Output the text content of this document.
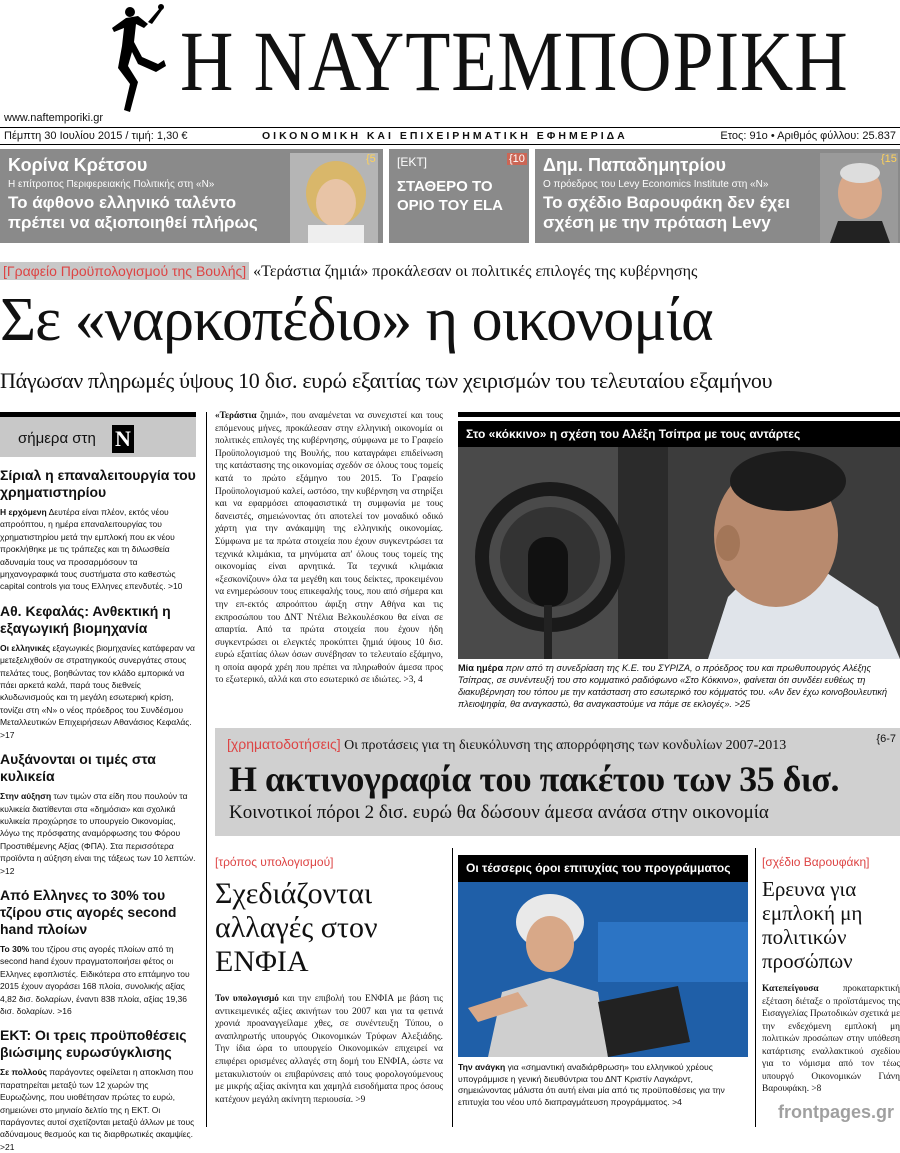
Η ΝΑΥΤΕΜΠΟΡΙΚΗ
www.naftemporiki.gr
Πέμπτη 30 Ιουλίου 2015 / τιμή: 1,30 €	ΟΙΚΟΝΟΜΙΚΗ ΚΑΙ ΕΠΙΧΕΙΡΗΜΑΤΙΚΗ ΕΦΗΜΕΡΙΔΑ	Ετος: 91ο • Αριθμός φύλλου: 25.837
Κορίνα Κρέτσου
Η επίτροπος Περιφερειακής Πολιτικής στη «Ν»
Το άφθονο ελληνικό ταλέντο πρέπει να αξιοποιηθεί πλήρως
{5 [ΕΚΤ]
ΣΤΑΘΕΡΟ ΤΟ ΟΡΙΟ ΤΟΥ ELA
{10 Δημ. Παπαδημητρίου
Ο πρόεδρος του Levy Economics Institute στη «Ν»
Το σχέδιο Βαρουφάκη δεν έχει σχέση με την πρόταση Levy
{15
[Γραφείο Προϋπολογισμού της Βουλής] «Τεράστια ζημιά» προκάλεσαν οι πολιτικές επιλογές της κυβέρνησης
Σε «ναρκοπέδιο» η οικονομία
Πάγωσαν πληρωμές ύψους 10 δισ. ευρώ εξαιτίας των χειρισμών του τελευταίου εξαμήνου
σήμερα στη Ν
Σίριαλ η επαναλειτουργία του χρηματιστηρίου

Η ερχόμενη Δευτέρα είναι πλέον, εκτός νέου απροόπτου, η ημέρα επαναλειτουργίας του χρηματιστηρίου μετά την εμπλοκή που εκ νέου προκλήθηκε με τις τράπεζες και τη διλωσθεία αδυναμία τους να προσαρμόσουν τα μηχανογραφικά τους συστήματα στο καθεστώς capital controls για τους Ελληνες επενδυτές. >10

Αθ. Κεφαλάς: Ανθεκτική η εξαγωγική βιομηχανία

Οι ελληνικές εξαγωγικές βιομηχανίες κατάφεραν να μετεξελιχθούν σε στρατηγικούς συνεργάτες στους πελάτες τους, βοηθώντας τον κλάδο εμπορικά να πάει αρκετά καλά, παρά τους διεθνείς κλυδωνισμούς και τη μεγάλη εσωτερική κρίση, τονίζει στη «Ν» ο νέος πρόεδρος του Συνδέσμου Μεταλλευτικών Επιχειρήσεων Αθανάσιος Κεφαλάς. >17

Αυξάνονται οι τιμές στα κυλικεία

Στην αύξηση των τιμών στα είδη που πουλούν τα κυλικεία διατίθενται στα «δημόσια» και σχολικά κυλικεία προχώρησε το υπουργείο Οικονομίας, λόγω της πρόσφατης αναμόρφωσης του Φόρου Προστιθέμενης Αξίας (ΦΠΑ). Στα περισσότερα προϊόντα η αύξηση είναι της τάξεως των 10 λεπτών. >12

Από Ελληνες το 30% του τζίρου στις αγορές second hand πλοίων

Το 30% του τζίρου στις αγορές πλοίων από τη second hand έχουν πραγματοποιήσει φέτος οι Ελληνες εφοπλιστές. Ειδικότερα στο επτάμηνο του 2015 έχουν αγοράσει 168 πλοία, συνολικής αξίας 4,82 δισ. δολαρίων, έναντι 838 πλοία, αξίας 19,36 δισ. δολαρίων. >16

ΕΚΤ: Οι τρεις προϋποθέσεις βιώσιμης ευρωσύγκλισης

Σε πολλούς παράγοντες οφείλεται η αποκλιση που παρατηρείται μεταξύ των 12 χωρών της Ευρωζώνης, που υιοθέτησαν πρώτες το ευρώ, σημειώνει στο μηνιαίο δελτίο της η ΕΚΤ. Οι παράγοντες αυτοί σχετίζονται μεταξύ άλλων με τους αδύναμους θεσμούς και τις διαρθρωτικές ακαμψίες. >21

«Τεράστια ζημιά», που αναμένεται να συνεχιστεί και τους επόμενους μήνες, προκάλεσαν στην ελληνική οικονομία οι πολιτικές επιλογές της κυβέρνησης, σύμφωνα με το Γραφείο Προϋπολογισμού της Βουλής, που καταγράφει επιδείνωση της κατάστασης της οικονομίας σχεδόν σε όλους τους τομείς κατά το πρώτο εξάμηνο του 2015. Το Γραφείο Προϋπολογισμού καλεί, ωστόσο, την κυβέρνηση να στηρίξει και να εφαρμόσει αποφασιστικά τη συμφωνία με τους δανειστές, σημειώνοντας ότι αποτελεί τον μοναδικό οδικό χάρτη για την ανάκαμψη της ελληνικής οικονομίας. Σύμφωνα με τα πρώτα στοιχεία που έχουν συγκεντρώσει τα τεχνικά κλιμάκια, τα μηνύματα απ' όλους τους τομείς της οικονομίας είναι αρνητικά. Τα τεχνικά κλιμάκια «ξεσκονίζουν» όλα τα μεγέθη και τους δείκτες, προκειμένου να ενημερώσουν τους επικεφαλής τους, που από σήμερα και την επ-εκτός απροόπτου άφιξη στην Αθήνα και τις εκπροσώπου του ΔΝΤ Ντέλια Βελκουλέσκου θα είναι σε απαρτία. Από τα πρώτα στοιχεία που έχουν ήδη συγκεντρώσει οι ελεγκτές προκύπτει ζημιά ύψους 10 δισ. ευρώ εξαιτίας όλων όσων συνέβησαν το τελευταίο εξάμηνο, η οποία αφορά χρέη που πρέπει να πληρωθούν άμεσα προς το εξωτερικό, αλλά και στο εσωτερικό σε ιδιώτες. >3, 4
Στο «κόκκινο» η σχέση του Αλέξη Τσίπρα με τους αντάρτες
Μία ημέρα πριν από τη συνεδρίαση της Κ.Ε. του ΣΥΡΙΖΑ, ο πρόεδρος του και πρωθυπουργός Αλέξης Τσίπρας, σε συνέντευξή του στο κομματικό ραδιόφωνο «Στο Κόκκινο», φαίνεται ότι συνδέει ευθέως τη διακυβέρνηση του τόπου με την κατάσταση στο εσωτερικό του κόμματός του. «Αν δεν έχω κοινοβουλευτική πλειοψηφία, θα αναγκαστώ, θα αναγκαστούμε να πάμε σε εκλογές». >25
[χρηματοδοτήσεις] Οι προτάσεις για τη διευκόλυνση της απορρόφησης των κονδυλίων 2007-2013
Η ακτινογραφία του πακέτου των 35 δισ.
Κοινοτικοί πόροι 2 δισ. ευρώ θα δώσουν άμεσα ανάσα στην οικονομία
{6-7
[τρόπος υπολογισμού]
Σχεδιάζονται αλλαγές στον ΕΝΦΙΑ

Τον υπολογισμό και την επιβολή του ΕΝΦΙΑ με βάση τις αντικειμενικές αξίες ακινήτων του 2007 και για τα φετινά χρονιά προαναγγείλαμε χθες, σε συνέντευξη Τύπου, ο αναπληρωτής υπουργός Οικονομικών Τρύφων Αλεξιάδης. Την ίδια ώρα το υπουργείο Οικονομικών επιχειρεί να επιφέρει ορισμένες αλλαγές στη δομή του ΕΝΦΙΑ, ώστε να μετακυλιστούν οι επιβαρύνσεις από τους φορολογούμενους με μικρής αξίας ακίνητα και χαμηλά εισοδήματα προς όσους κατέχουν μεγάλη ακίνητη περιουσία. >9

Οι τέσσερις όροι επιτυχίας του προγράμματος
Την ανάγκη για «σημαντική αναδιάρθρωση» του ελληνικού χρέους υπογράμμισε η γενική διευθύντρια του ΔΝΤ Κριστίν Λαγκάρντ, σημειώνοντας μάλιστα ότι αυτή είναι μία από τις προϋποθέσεις για την επιτυχία του νέου υπό διαπραγμάτευση προγράμματος. >4
[σχέδιο Βαρουφάκη]
Ερευνα για εμπλοκή μη πολιτικών προσώπων

Κατεπείγουσα προκαταρκτική εξέταση διέταξε ο προϊστάμενος της Εισαγγελίας Πρωτοδικών σχετικά με την ενδεχόμενη εμπλοκή μη πολιτικών προσώπων στην υπόθεση κατάρτισης εναλλακτικού σχεδίου για το νόμισμα από τον τέως υπουργό Οικονομικών Γιάνη Βαρουφάκη. >8

frontpages.gr
